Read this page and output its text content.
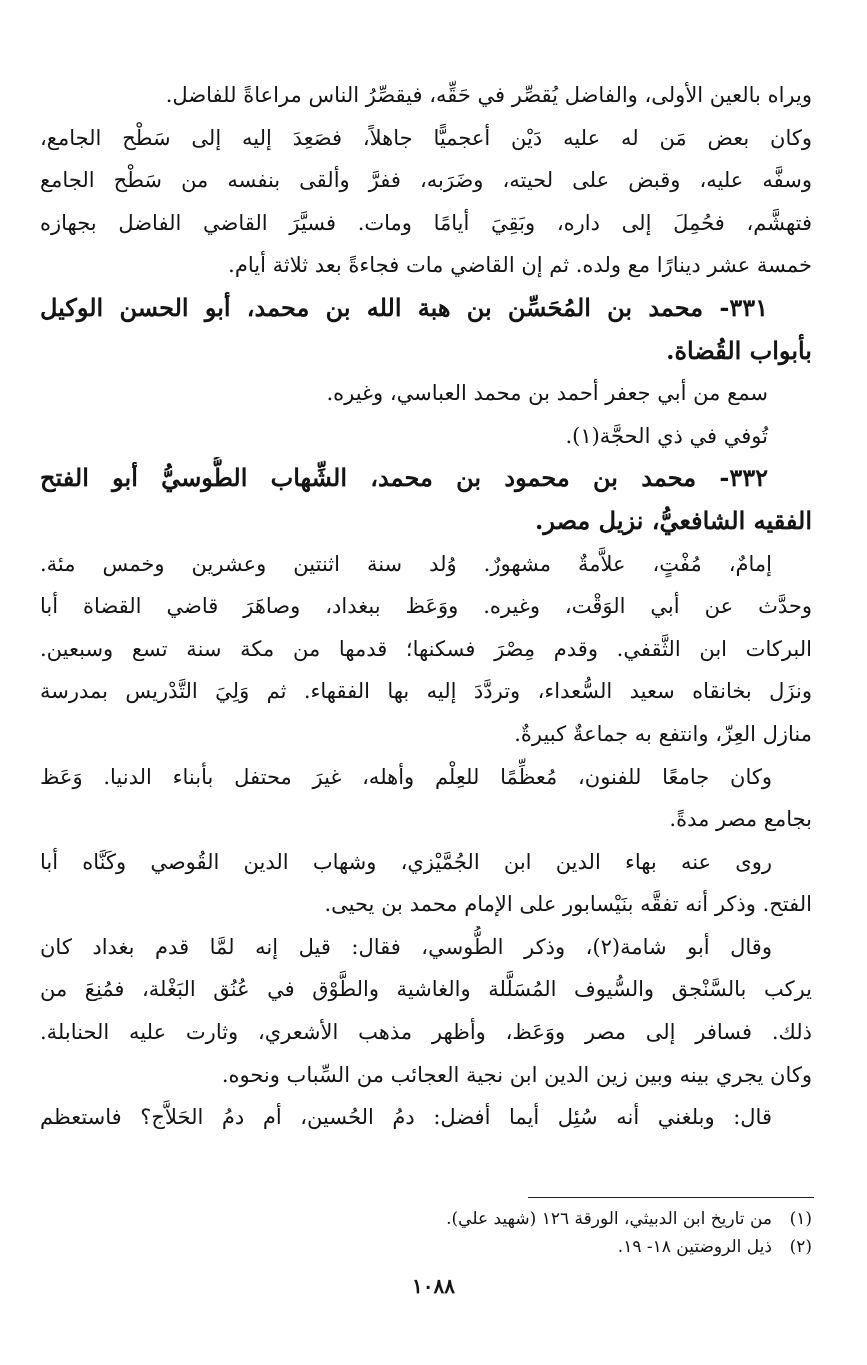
ويراه بالعين الأولى، والفاضل يُقصِّر في حَقِّه، فيقصِّرُ الناس مراعاةً للفاضل.
وكان بعض مَن له عليه دَيْن أعجميًّا جاهلاً، فصَعِدَ إليه إلى سَطْح الجامع،
وسفَّه عليه، وقبض على لحيته، وضَرَبه، ففرَّ وألقى بنفسه من سَطْح الجامع
فتهشَّم، فحُمِلَ إلى داره، وبَقِيَ أيامًا ومات. فسيَّرَ القاضي الفاضل بجهازه
خمسة عشر دينارًا مع ولده. ثم إن القاضي مات فجاءةً بعد ثلاثة أيام.
٣٣١- محمد بن المُحَسِّن بن هبة الله بن محمد، أبو الحسن الوكيل
بأبواب القُضاة.
سمع من أبي جعفر أحمد بن محمد العباسي، وغيره.
تُوفي في ذي الحجَّة(١).
٣٣٢- محمد بن محمود بن محمد، الشِّهاب الطُّوسيُّ أبو الفتح
الفقيه الشافعيُّ، نزيل مصر.
إمامٌ، مُفْتٍ، علاَّمةٌ مشهورٌ. وُلد سنة اثنتين وعشرين وخمس مئة.
وحدَّث عن أبي الوَقْت، وغيره. ووَعَظ ببغداد، وصاهَرَ قاضي القضاة أبا
البركات ابن الثَّقفي. وقدم مِصْرَ فسكنها؛ قدمها من مكة سنة تسع وسبعين.
ونزَل بخانقاه سعيد السُّعداء، وتردَّدَ إليه بها الفقهاء. ثم وَلِيَ التَّدْريس بمدرسة
منازل العِزّ، وانتفع به جماعةٌ كبيرةٌ.
وكان جامعًا للفنون، مُعظِّمًا للعِلْم وأهله، غيرَ محتفل بأبناء الدنيا. وَعَظ
بجامع مصر مدةً.
روى عنه بهاء الدين ابن الجُمَّيْزي، وشهاب الدين القُوصي وكَنَّاه أبا
الفتح. وذكر أنه تفقَّه بنَيْسابور على الإمام محمد بن يحيى.
وقال أبو شامة(٢)، وذكر الطُّوسي، فقال: قيل إنه لمَّا قدم بغداد كان
يركب بالسَّنْجق والسُّيوف المُسَلَّلة والغاشية والطَّوْق في عُنُق البَغْلة، فمُنِعَ من
ذلك. فسافر إلى مصر ووَعَظ، وأظهر مذهب الأشعري، وثارت عليه الحنابلة.
وكان يجري بينه وبين زين الدين ابن نجية العجائب من السِّباب ونحوه.
قال: وبلغني أنه سُئِل أيما أفضل: دمُ الحُسين، أم دمُ الحَلاَّج؟ فاستعظم
(١)من تاريخ ابن الدبيثي، الورقة ١٢٦ (شهيد علي).
(٢)ذيل الروضتين ١٨- ١٩.
١٠٨٨
